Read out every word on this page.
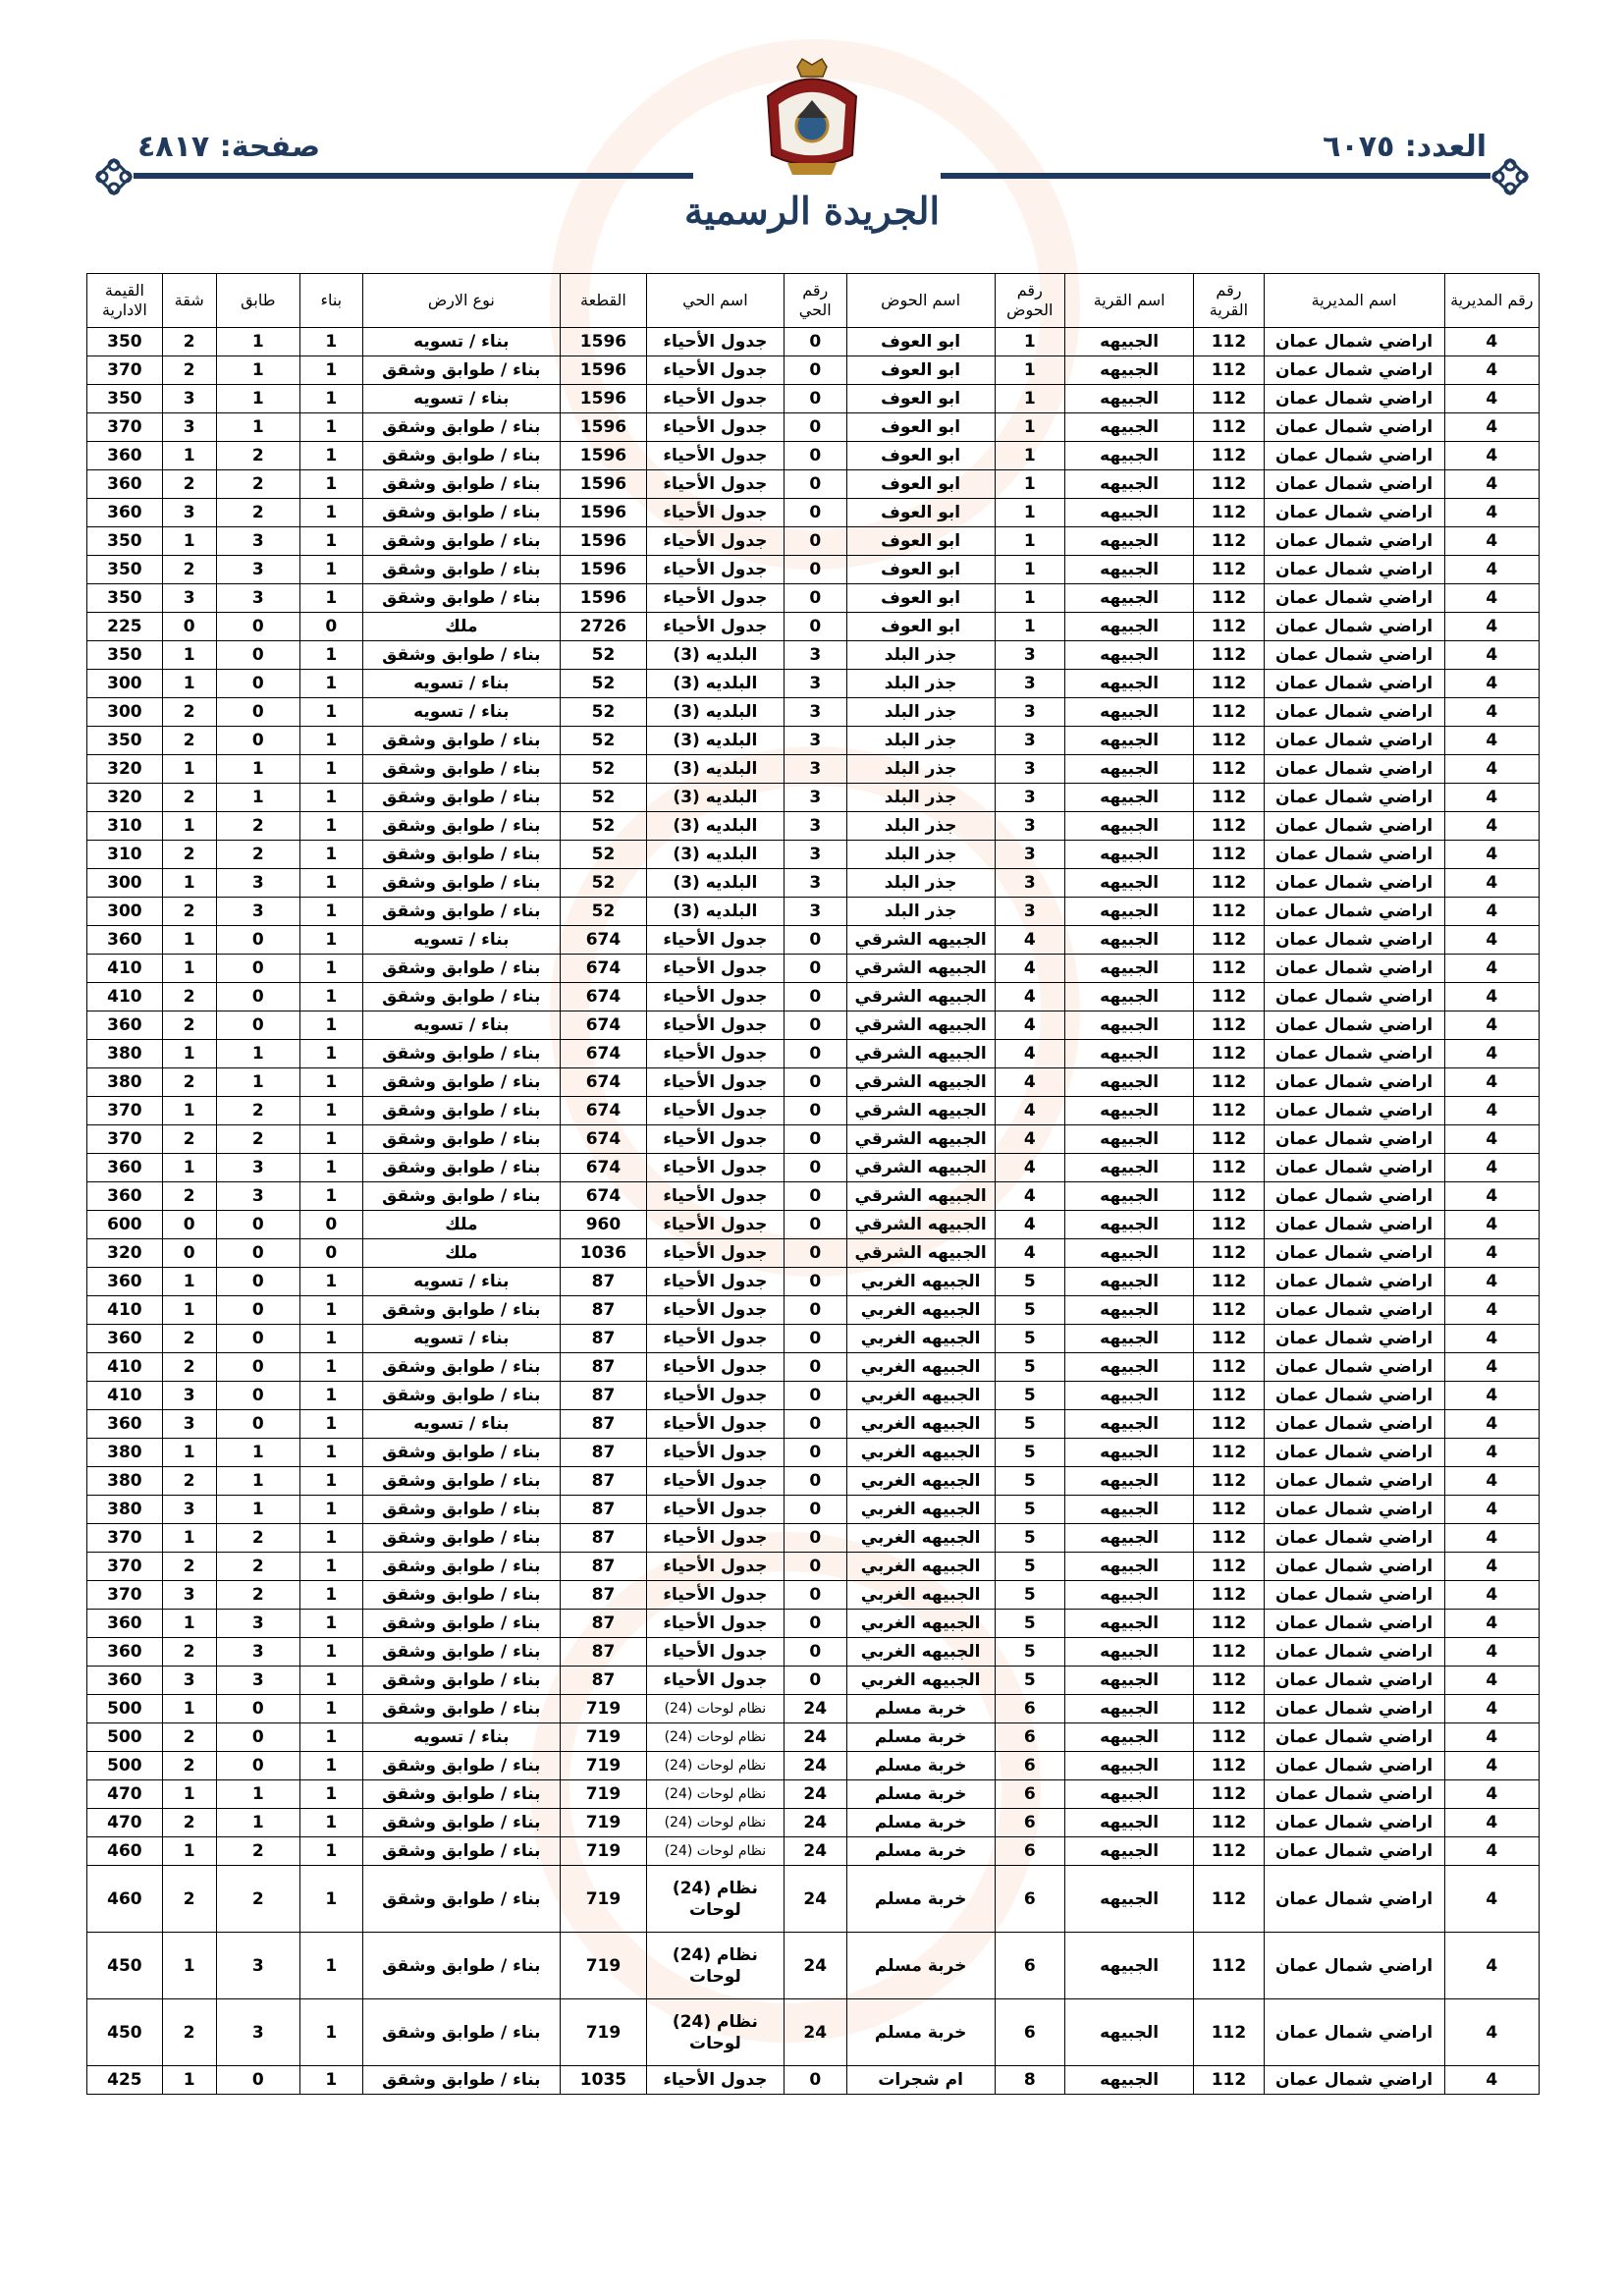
العدد: ٦٠٧٥
صفحة: ٤٨١٧
الجريدة الرسمية
رقم المديرية	اسم المديرية	رقم القرية	اسم القرية	رقم الحوض	اسم الحوض	رقم الحي	اسم الحي	القطعة	نوع الارض	بناء	طابق	شقة	القيمة الادارية
4	اراضي شمال عمان	112	الجبيهه	1	ابو العوف	0	جدول الأحياء	1596	بناء / تسويه	1	1	2	350
4	اراضي شمال عمان	112	الجبيهه	1	ابو العوف	0	جدول الأحياء	1596	بناء / طوابق وشقق	1	1	2	370
4	اراضي شمال عمان	112	الجبيهه	1	ابو العوف	0	جدول الأحياء	1596	بناء / تسويه	1	1	3	350
4	اراضي شمال عمان	112	الجبيهه	1	ابو العوف	0	جدول الأحياء	1596	بناء / طوابق وشقق	1	1	3	370
4	اراضي شمال عمان	112	الجبيهه	1	ابو العوف	0	جدول الأحياء	1596	بناء / طوابق وشقق	1	2	1	360
4	اراضي شمال عمان	112	الجبيهه	1	ابو العوف	0	جدول الأحياء	1596	بناء / طوابق وشقق	1	2	2	360
4	اراضي شمال عمان	112	الجبيهه	1	ابو العوف	0	جدول الأحياء	1596	بناء / طوابق وشقق	1	2	3	360
4	اراضي شمال عمان	112	الجبيهه	1	ابو العوف	0	جدول الأحياء	1596	بناء / طوابق وشقق	1	3	1	350
4	اراضي شمال عمان	112	الجبيهه	1	ابو العوف	0	جدول الأحياء	1596	بناء / طوابق وشقق	1	3	2	350
4	اراضي شمال عمان	112	الجبيهه	1	ابو العوف	0	جدول الأحياء	1596	بناء / طوابق وشقق	1	3	3	350
4	اراضي شمال عمان	112	الجبيهه	1	ابو العوف	0	جدول الأحياء	2726	ملك	0	0	0	225
4	اراضي شمال عمان	112	الجبيهه	3	جذر البلد	3	البلديه (3)	52	بناء / طوابق وشقق	1	0	1	350
4	اراضي شمال عمان	112	الجبيهه	3	جذر البلد	3	البلديه (3)	52	بناء / تسويه	1	0	1	300
4	اراضي شمال عمان	112	الجبيهه	3	جذر البلد	3	البلديه (3)	52	بناء / تسويه	1	0	2	300
4	اراضي شمال عمان	112	الجبيهه	3	جذر البلد	3	البلديه (3)	52	بناء / طوابق وشقق	1	0	2	350
4	اراضي شمال عمان	112	الجبيهه	3	جذر البلد	3	البلديه (3)	52	بناء / طوابق وشقق	1	1	1	320
4	اراضي شمال عمان	112	الجبيهه	3	جذر البلد	3	البلديه (3)	52	بناء / طوابق وشقق	1	1	2	320
4	اراضي شمال عمان	112	الجبيهه	3	جذر البلد	3	البلديه (3)	52	بناء / طوابق وشقق	1	2	1	310
4	اراضي شمال عمان	112	الجبيهه	3	جذر البلد	3	البلديه (3)	52	بناء / طوابق وشقق	1	2	2	310
4	اراضي شمال عمان	112	الجبيهه	3	جذر البلد	3	البلديه (3)	52	بناء / طوابق وشقق	1	3	1	300
4	اراضي شمال عمان	112	الجبيهه	3	جذر البلد	3	البلديه (3)	52	بناء / طوابق وشقق	1	3	2	300
4	اراضي شمال عمان	112	الجبيهه	4	الجبيهه الشرقي	0	جدول الأحياء	674	بناء / تسويه	1	0	1	360
4	اراضي شمال عمان	112	الجبيهه	4	الجبيهه الشرقي	0	جدول الأحياء	674	بناء / طوابق وشقق	1	0	1	410
4	اراضي شمال عمان	112	الجبيهه	4	الجبيهه الشرقي	0	جدول الأحياء	674	بناء / طوابق وشقق	1	0	2	410
4	اراضي شمال عمان	112	الجبيهه	4	الجبيهه الشرقي	0	جدول الأحياء	674	بناء / تسويه	1	0	2	360
4	اراضي شمال عمان	112	الجبيهه	4	الجبيهه الشرقي	0	جدول الأحياء	674	بناء / طوابق وشقق	1	1	1	380
4	اراضي شمال عمان	112	الجبيهه	4	الجبيهه الشرقي	0	جدول الأحياء	674	بناء / طوابق وشقق	1	1	2	380
4	اراضي شمال عمان	112	الجبيهه	4	الجبيهه الشرقي	0	جدول الأحياء	674	بناء / طوابق وشقق	1	2	1	370
4	اراضي شمال عمان	112	الجبيهه	4	الجبيهه الشرقي	0	جدول الأحياء	674	بناء / طوابق وشقق	1	2	2	370
4	اراضي شمال عمان	112	الجبيهه	4	الجبيهه الشرقي	0	جدول الأحياء	674	بناء / طوابق وشقق	1	3	1	360
4	اراضي شمال عمان	112	الجبيهه	4	الجبيهه الشرقي	0	جدول الأحياء	674	بناء / طوابق وشقق	1	3	2	360
4	اراضي شمال عمان	112	الجبيهه	4	الجبيهه الشرقي	0	جدول الأحياء	960	ملك	0	0	0	600
4	اراضي شمال عمان	112	الجبيهه	4	الجبيهه الشرقي	0	جدول الأحياء	1036	ملك	0	0	0	320
4	اراضي شمال عمان	112	الجبيهه	5	الجبيهه الغربي	0	جدول الأحياء	87	بناء / تسويه	1	0	1	360
4	اراضي شمال عمان	112	الجبيهه	5	الجبيهه الغربي	0	جدول الأحياء	87	بناء / طوابق وشقق	1	0	1	410
4	اراضي شمال عمان	112	الجبيهه	5	الجبيهه الغربي	0	جدول الأحياء	87	بناء / تسويه	1	0	2	360
4	اراضي شمال عمان	112	الجبيهه	5	الجبيهه الغربي	0	جدول الأحياء	87	بناء / طوابق وشقق	1	0	2	410
4	اراضي شمال عمان	112	الجبيهه	5	الجبيهه الغربي	0	جدول الأحياء	87	بناء / طوابق وشقق	1	0	3	410
4	اراضي شمال عمان	112	الجبيهه	5	الجبيهه الغربي	0	جدول الأحياء	87	بناء / تسويه	1	0	3	360
4	اراضي شمال عمان	112	الجبيهه	5	الجبيهه الغربي	0	جدول الأحياء	87	بناء / طوابق وشقق	1	1	1	380
4	اراضي شمال عمان	112	الجبيهه	5	الجبيهه الغربي	0	جدول الأحياء	87	بناء / طوابق وشقق	1	1	2	380
4	اراضي شمال عمان	112	الجبيهه	5	الجبيهه الغربي	0	جدول الأحياء	87	بناء / طوابق وشقق	1	1	3	380
4	اراضي شمال عمان	112	الجبيهه	5	الجبيهه الغربي	0	جدول الأحياء	87	بناء / طوابق وشقق	1	2	1	370
4	اراضي شمال عمان	112	الجبيهه	5	الجبيهه الغربي	0	جدول الأحياء	87	بناء / طوابق وشقق	1	2	2	370
4	اراضي شمال عمان	112	الجبيهه	5	الجبيهه الغربي	0	جدول الأحياء	87	بناء / طوابق وشقق	1	2	3	370
4	اراضي شمال عمان	112	الجبيهه	5	الجبيهه الغربي	0	جدول الأحياء	87	بناء / طوابق وشقق	1	3	1	360
4	اراضي شمال عمان	112	الجبيهه	5	الجبيهه الغربي	0	جدول الأحياء	87	بناء / طوابق وشقق	1	3	2	360
4	اراضي شمال عمان	112	الجبيهه	5	الجبيهه الغربي	0	جدول الأحياء	87	بناء / طوابق وشقق	1	3	3	360
4	اراضي شمال عمان	112	الجبيهه	6	خربة مسلم	24	نظام لوحات (24)	719	بناء / طوابق وشقق	1	0	1	500
4	اراضي شمال عمان	112	الجبيهه	6	خربة مسلم	24	نظام لوحات (24)	719	بناء / تسويه	1	0	2	500
4	اراضي شمال عمان	112	الجبيهه	6	خربة مسلم	24	نظام لوحات (24)	719	بناء / طوابق وشقق	1	0	2	500
4	اراضي شمال عمان	112	الجبيهه	6	خربة مسلم	24	نظام لوحات (24)	719	بناء / طوابق وشقق	1	1	1	470
4	اراضي شمال عمان	112	الجبيهه	6	خربة مسلم	24	نظام لوحات (24)	719	بناء / طوابق وشقق	1	1	2	470
4	اراضي شمال عمان	112	الجبيهه	6	خربة مسلم	24	نظام لوحات (24)	719	بناء / طوابق وشقق	1	2	1	460
4	اراضي شمال عمان	112	الجبيهه	6	خربة مسلم	24	نظام (24) لوحات	719	بناء / طوابق وشقق	1	2	2	460
4	اراضي شمال عمان	112	الجبيهه	6	خربة مسلم	24	نظام (24) لوحات	719	بناء / طوابق وشقق	1	3	1	450
4	اراضي شمال عمان	112	الجبيهه	6	خربة مسلم	24	نظام (24) لوحات	719	بناء / طوابق وشقق	1	3	2	450
4	اراضي شمال عمان	112	الجبيهه	8	ام شجرات	0	جدول الأحياء	1035	بناء / طوابق وشقق	1	0	1	425
